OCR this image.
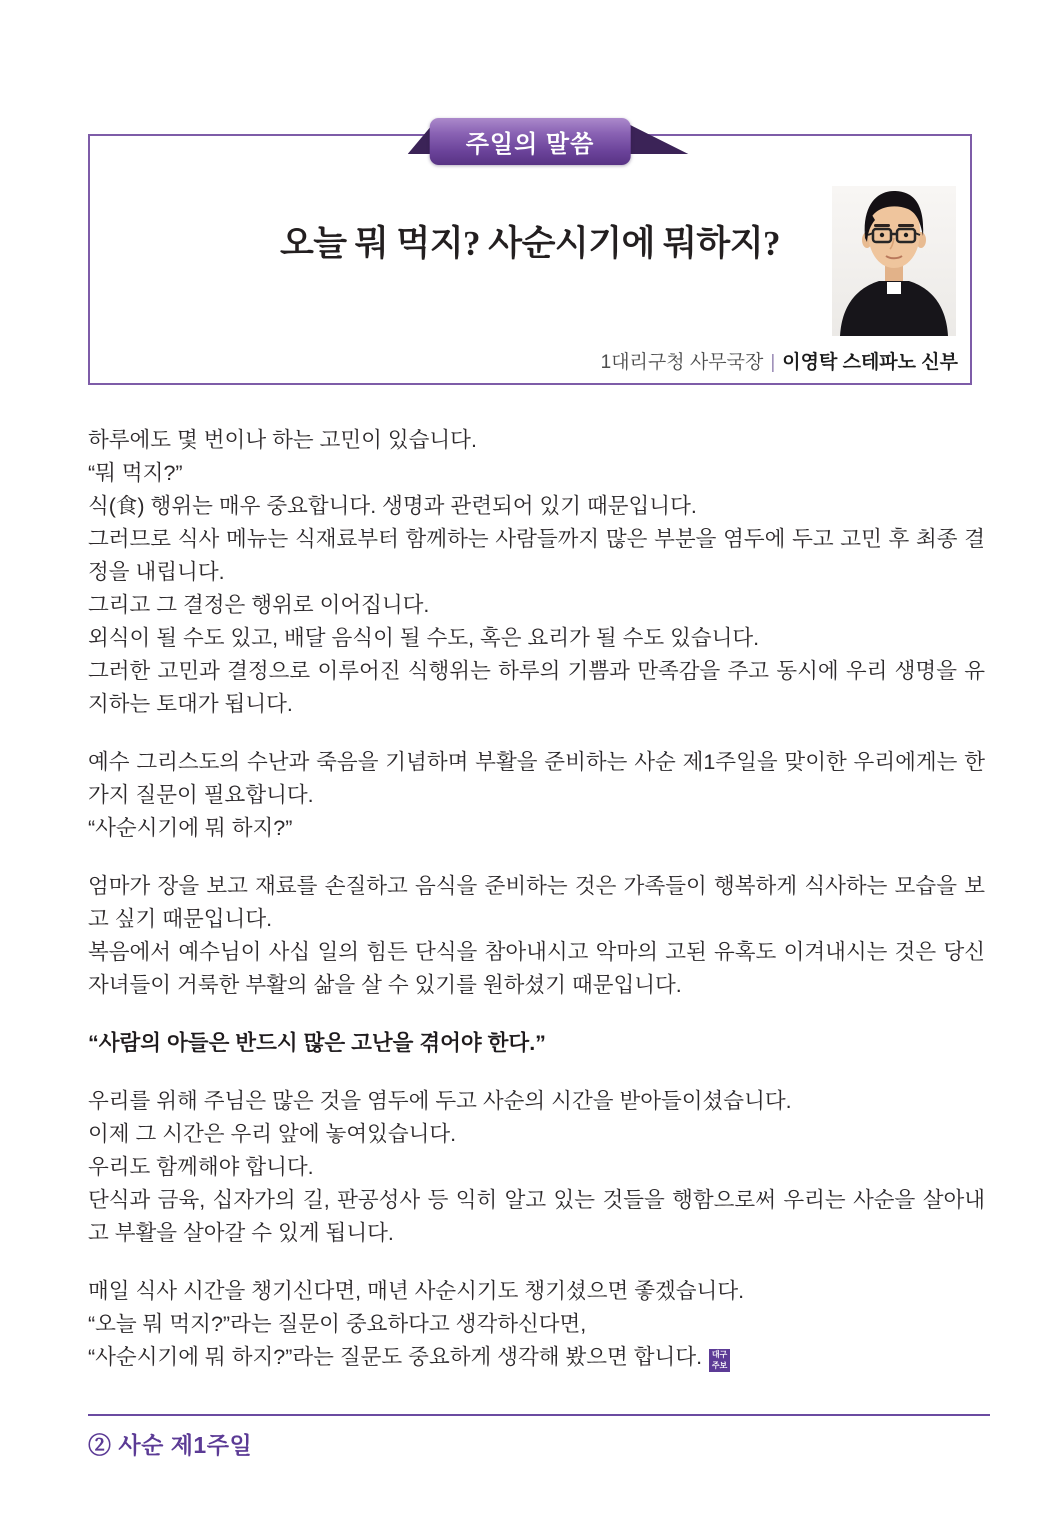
주일의 말씀
오늘 뭐 먹지? 사순시기에 뭐하지?
1대리구청 사무국장 | 이영탁 스테파노 신부
하루에도 몇 번이나 하는 고민이 있습니다.
“뭐 먹지?”
식(食) 행위는 매우 중요합니다. 생명과 관련되어 있기 때문입니다.
그러므로 식사 메뉴는 식재료부터 함께하는 사람들까지 많은 부분을 염두에 두고 고민 후 최종 결정을 내립니다.
그리고 그 결정은 행위로 이어집니다.
외식이 될 수도 있고, 배달 음식이 될 수도, 혹은 요리가 될 수도 있습니다.
그러한 고민과 결정으로 이루어진 식행위는 하루의 기쁨과 만족감을 주고 동시에 우리 생명을 유지하는 토대가 됩니다.
예수 그리스도의 수난과 죽음을 기념하며 부활을 준비하는 사순 제1주일을 맞이한 우리에게는 한 가지 질문이 필요합니다.
“사순시기에 뭐 하지?”
엄마가 장을 보고 재료를 손질하고 음식을 준비하는 것은 가족들이 행복하게 식사하는 모습을 보고 싶기 때문입니다.
복음에서 예수님이 사십 일의 힘든 단식을 참아내시고 악마의 고된 유혹도 이겨내시는 것은 당신 자녀들이 거룩한 부활의 삶을 살 수 있기를 원하셨기 때문입니다.
“사람의 아들은 반드시 많은 고난을 겪어야 한다.”
우리를 위해 주님은 많은 것을 염두에 두고 사순의 시간을 받아들이셨습니다.
이제 그 시간은 우리 앞에 놓여있습니다.
우리도 함께해야 합니다.
단식과 금육, 십자가의 길, 판공성사 등 익히 알고 있는 것들을 행함으로써 우리는 사순을 살아내고 부활을 살아갈 수 있게 됩니다.
매일 식사 시간을 챙기신다면, 매년 사순시기도 챙기셨으면 좋겠습니다.
“오늘 뭐 먹지?”라는 질문이 중요하다고 생각하신다면,
“사순시기에 뭐 하지?”라는 질문도 중요하게 생각해 봤으면 합니다.	대구
주보
② 사순 제1주일
